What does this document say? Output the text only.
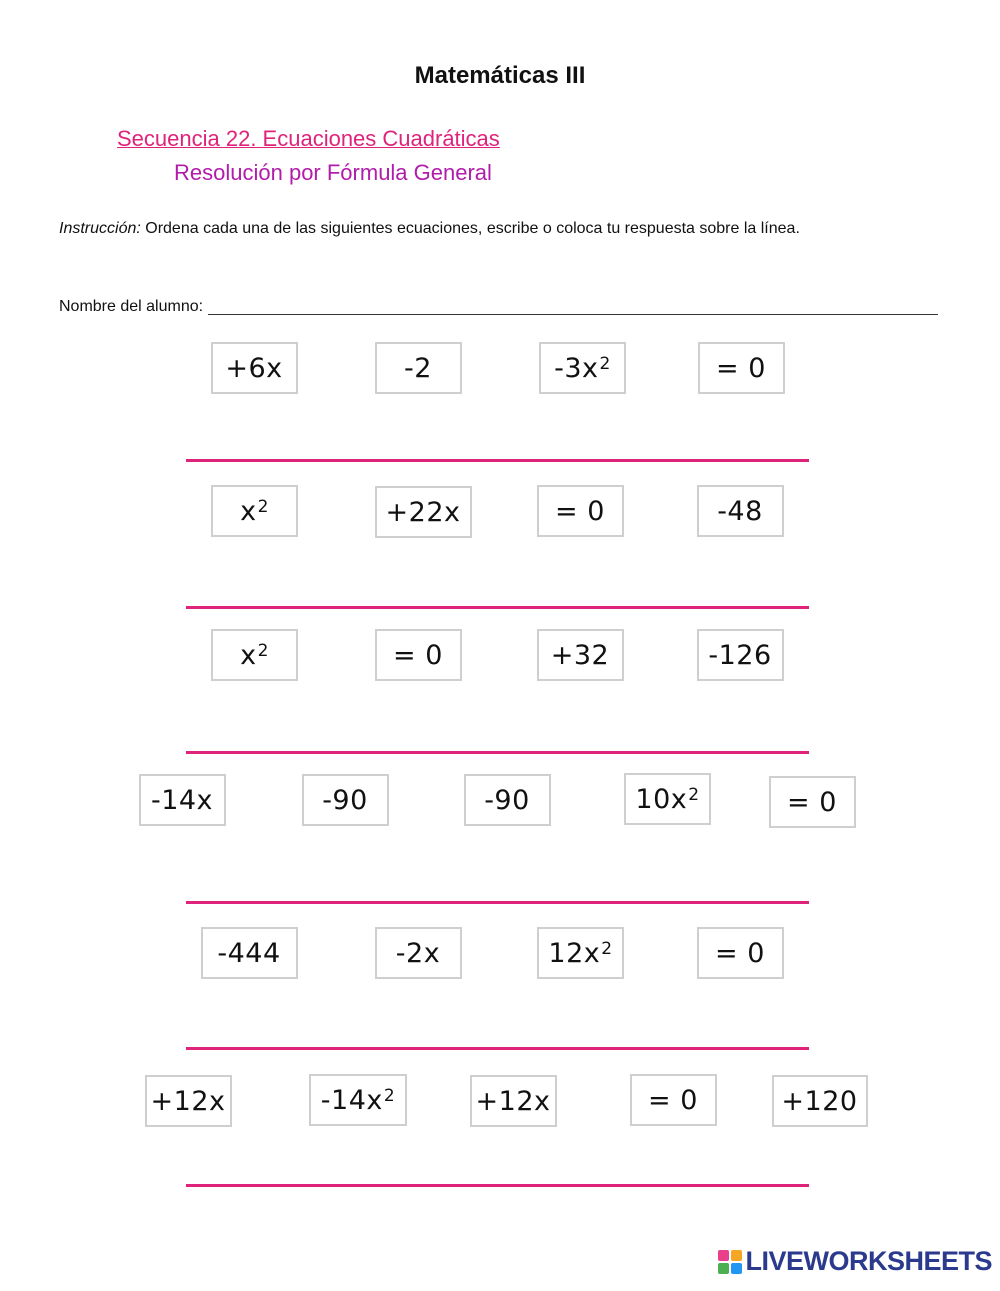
Matemáticas III
Secuencia 22. Ecuaciones Cuadráticas
Resolución por Fórmula General
Instrucción: Ordena cada una de las siguientes ecuaciones, escribe o coloca tu respuesta sobre la línea.
Nombre del alumno:
+6x	-2	$-3x^2$	= 0
$x^2$	+22x	= 0	-48
$x^2$	= 0	+32	-126
-14x	-90	-90	$10x^2$	= 0
-444	-2x	$12x^2$	= 0
+12x	$-14x^2$	+12x	= 0	+120
LIVEWORKSHEETS
